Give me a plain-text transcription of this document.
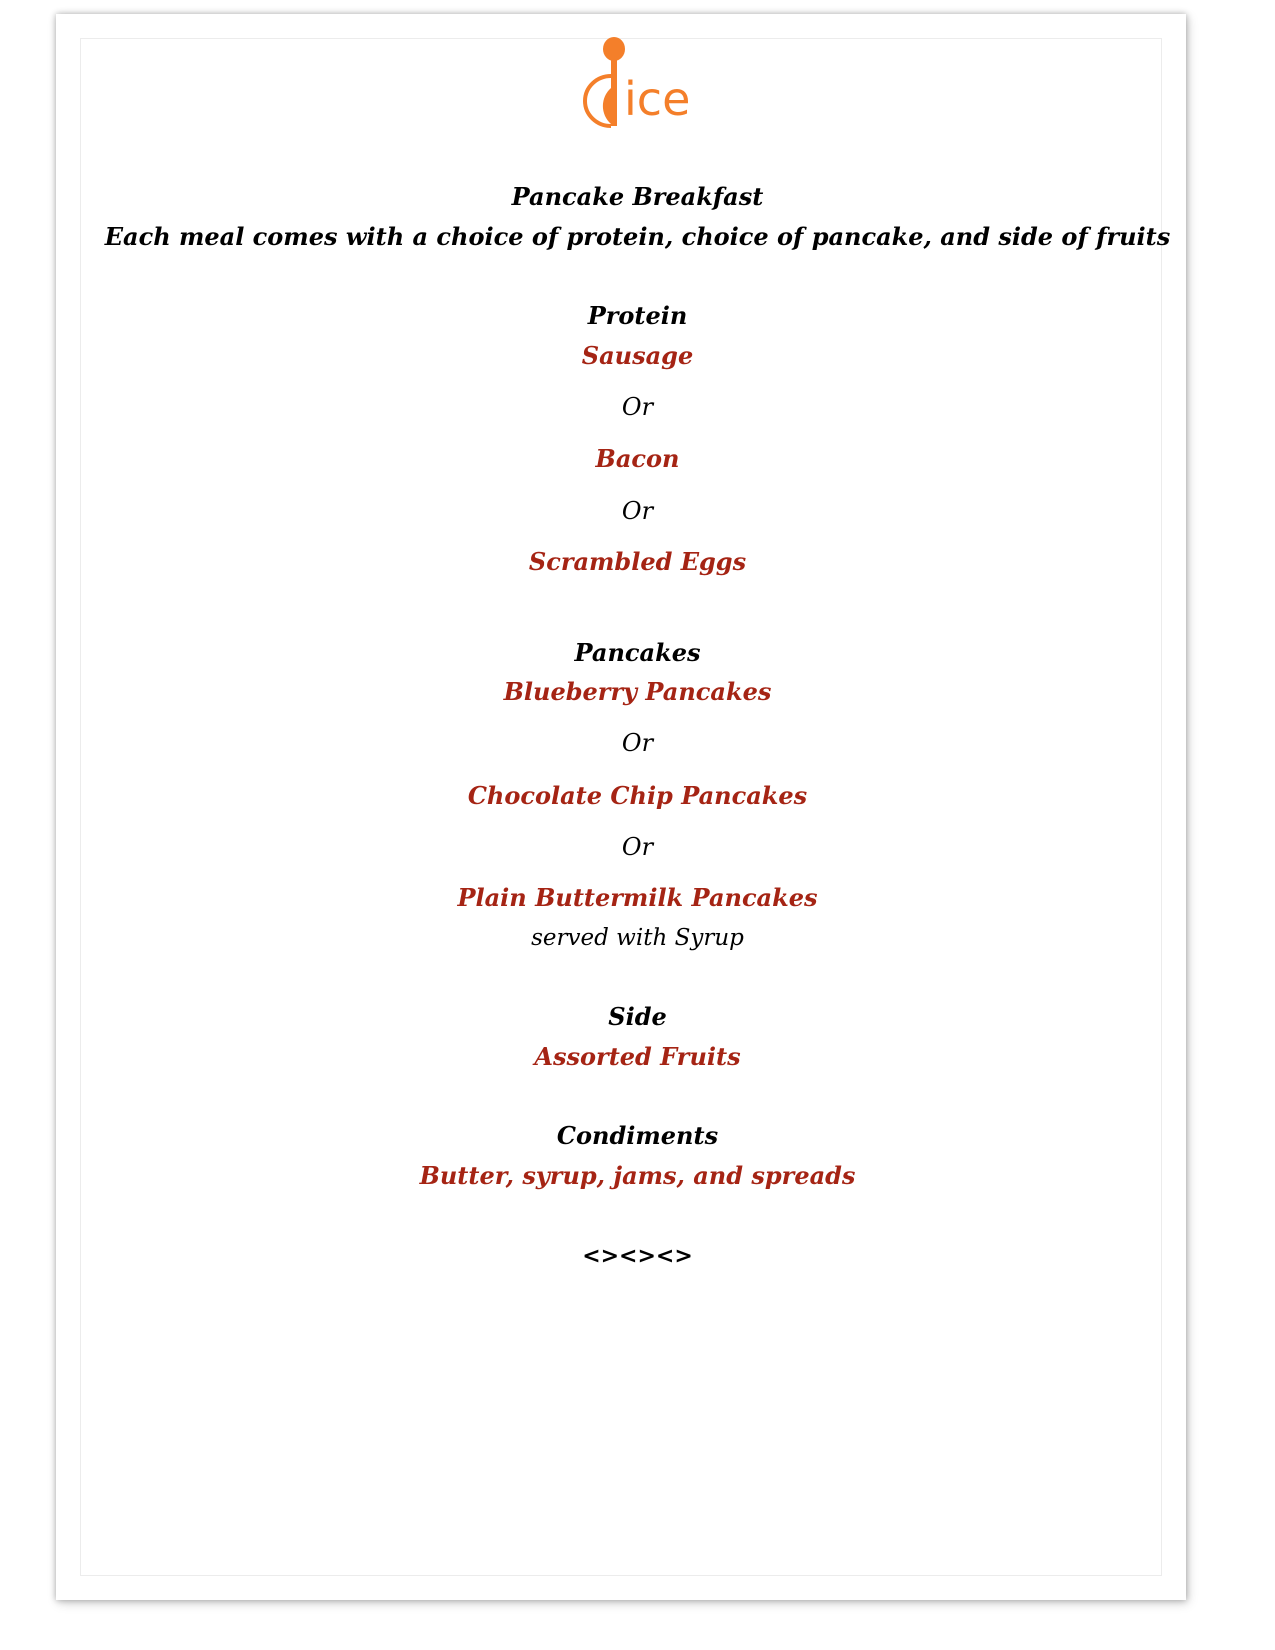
ice
Pancake Breakfast
Each meal comes with a choice of protein, choice of pancake, and side of fruits
Protein
Sausage
Or
Bacon
Or
Scrambled Eggs
Pancakes
Blueberry Pancakes
Or
Chocolate Chip Pancakes
Or
Plain Buttermilk Pancakes
served with Syrup
Side
Assorted Fruits
Condiments
Butter, syrup, jams, and spreads
<><><>
